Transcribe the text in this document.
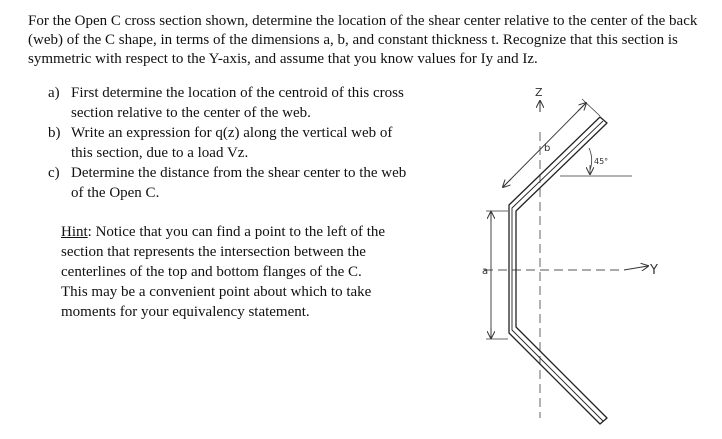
For the Open C cross section shown, determine the location of the shear center relative to the center of the back (web) of the C shape, in terms of the dimensions a, b, and constant thickness t. Recognize that this section is symmetric with respect to the Y-axis, and assume that you know values for Iy and Iz.

a) First determine the location of the centroid of this cross section relative to the center of the web.
b) Write an expression for q(z) along the vertical web of this section, due to a load Vz.
c) Determine the distance from the shear center to the web of the Open C.

Hint: Notice that you can find a point to the left of the section that represents the intersection between the centerlines of the top and bottom flanges of the C. This may be a convenient point about which to take moments for your equivalency statement.

Z
Y
a
b
45°
